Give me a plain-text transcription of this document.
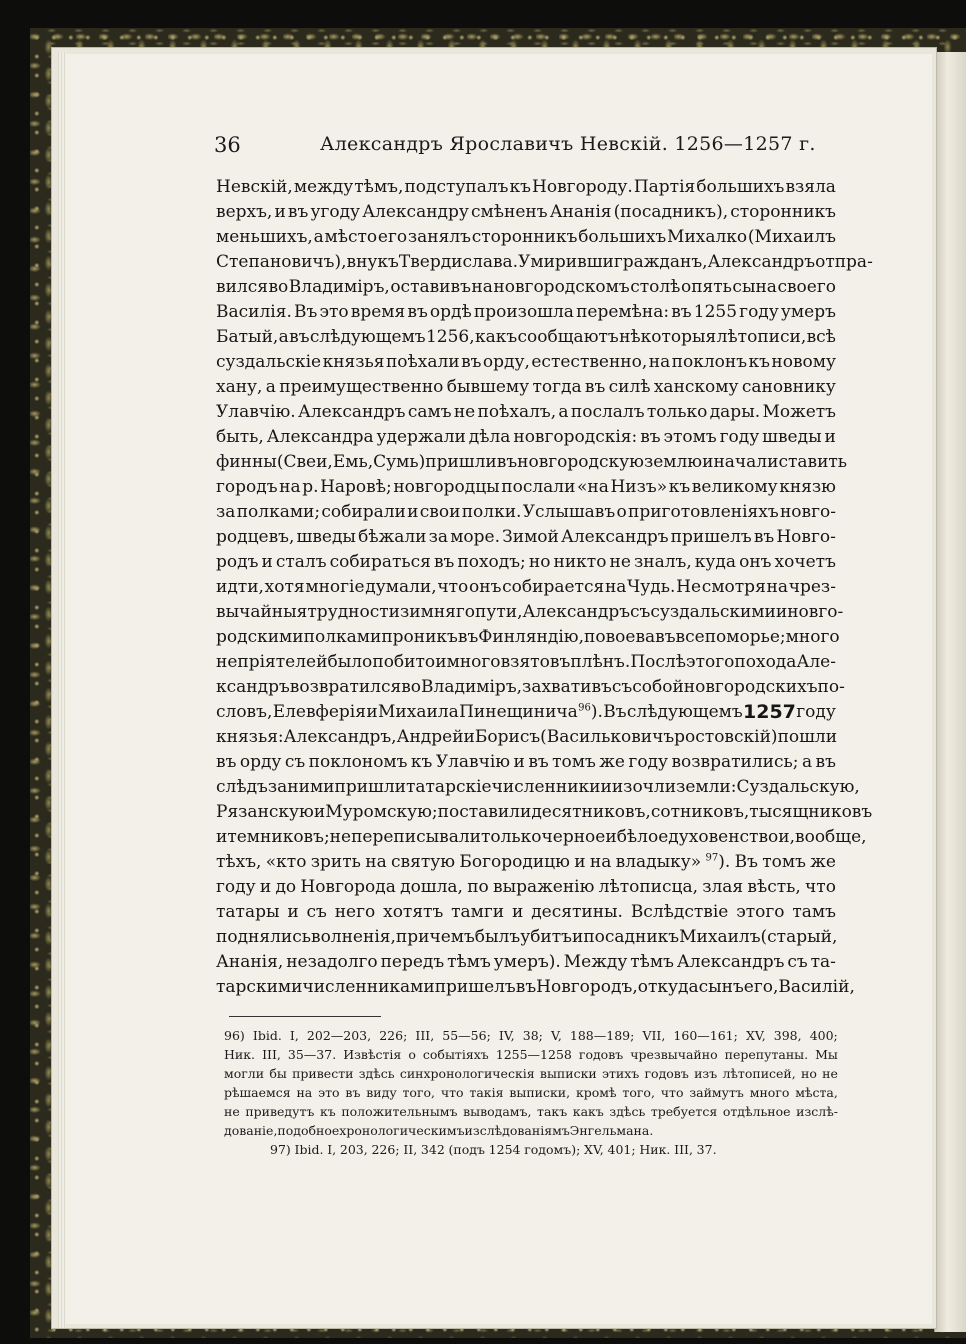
36	Александръ Ярославичъ Невскій. 1256—1257 г.
Невскій, между тѣмъ, подступалъ къ Новгороду. Партія большихъ взяла
верхъ, и въ угоду Александру смѣненъ Ананія (посадникъ), сторонникъ
меньшихъ, а мѣсто его занялъ сторонникъ большихъ Михалко (Михаилъ
Степановичъ), внукъ Твердислава. Умиривши гражданъ, Александръ отпра-
вился во Владиміръ, оставивъ на новгородскомъ столѣ опять сына своего
Василія. Въ это время въ ордѣ произошла перемѣна: въ 1255 году умеръ
Батый, а въ слѣдующемъ 1256, какъ сообщаютъ нѣкоторыя лѣтописи, всѣ
суздальскіе князья поѣхали въ орду, естественно, на поклонъ къ новому
хану, а преимущественно бывшему тогда въ силѣ ханскому сановнику
Улавчію. Александръ самъ не поѣхалъ, а послалъ только дары. Можетъ
быть, Александра удержали дѣла новгородскія: въ этомъ году шведы и
финны (Свеи, Емь, Сумь) пришли въ новгородскую землю и начали ставить
городъ на р. Наровѣ; новгородцы послали «на Низъ» къ великому князю
за полками; собирали и свои полки. Услышавъ о приготовленіяхъ новго-
родцевъ, шведы бѣжали за море. Зимой Александръ пришелъ въ Новго-
родъ и сталъ собираться въ походъ; но никто не зналъ, куда онъ хочетъ
идти, хотя многіе думали, что онъ собирается на Чудь. Не смотря на чрез-
вычайныя трудности зимняго пути, Александръ съ суздальскими и новго-
родскими полками проникъ въ Финляндію, повоевавъ все поморье; много
непріятелей было побито и много взято въ плѣнъ. Послѣ этого похода Але-
ксандръ возвратился во Владиміръ, захвативъ съ собой новгородскихъ по-
словъ, Елевферія и Михаила Пинещинича $^{96}$). Въ слѣдующемъ 1257 году
князья: Александръ, Андрей и Борисъ (Васильковичъ ростовскій) пошли
въ орду съ поклономъ къ Улавчію и въ томъ же году возвратились; а въ
слѣдъ за ними пришли татарскіе численники и изочли земли: Суздальскую,
Рязанскую и Муромскую; поставили десятниковъ, сотниковъ, тысящниковъ
и темниковъ; не переписывали только черное и бѣлое духовенство и, вообще,
тѣхъ, «кто зрить на святую Богородицю и на владыку» $^{97}$). Въ томъ же
году и до Новгорода дошла, по выраженію лѣтописца, злая вѣсть, что
татары и съ него хотятъ тамги и десятины. Вслѣдствіе этого тамъ
поднялись волненія, причемъ былъ убитъ и посадникъ Михаилъ (старый,
Ананія, незадолго передъ тѣмъ умеръ). Между тѣмъ Александръ съ та-
тарскими численниками пришелъ въ Новгородъ, откуда сынъ его, Василій,
96) Ibid. I, 202—203, 226; III, 55—56; IV, 38; V, 188—189; VII, 160—161; XV, 398, 400;
Ник. III, 35—37. Извѣстія о событіяхъ 1255—1258 годовъ чрезвычайно перепутаны. Мы
могли бы привести здѣсь синхронологическія выписки этихъ годовъ изъ лѣтописей, но не
рѣшаемся на это въ виду того, что такія выписки, кромѣ того, что займутъ много мѣста,
не приведутъ къ положительнымъ выводамъ, такъ какъ здѣсь требуется отдѣльное изслѣ-
дованіе, подобное хронологическимъ изслѣдованіямъ Энгельмана.
97) Ibid. I, 203, 226; II, 342 (подъ 1254 годомъ); XV, 401; Ник. III, 37.
